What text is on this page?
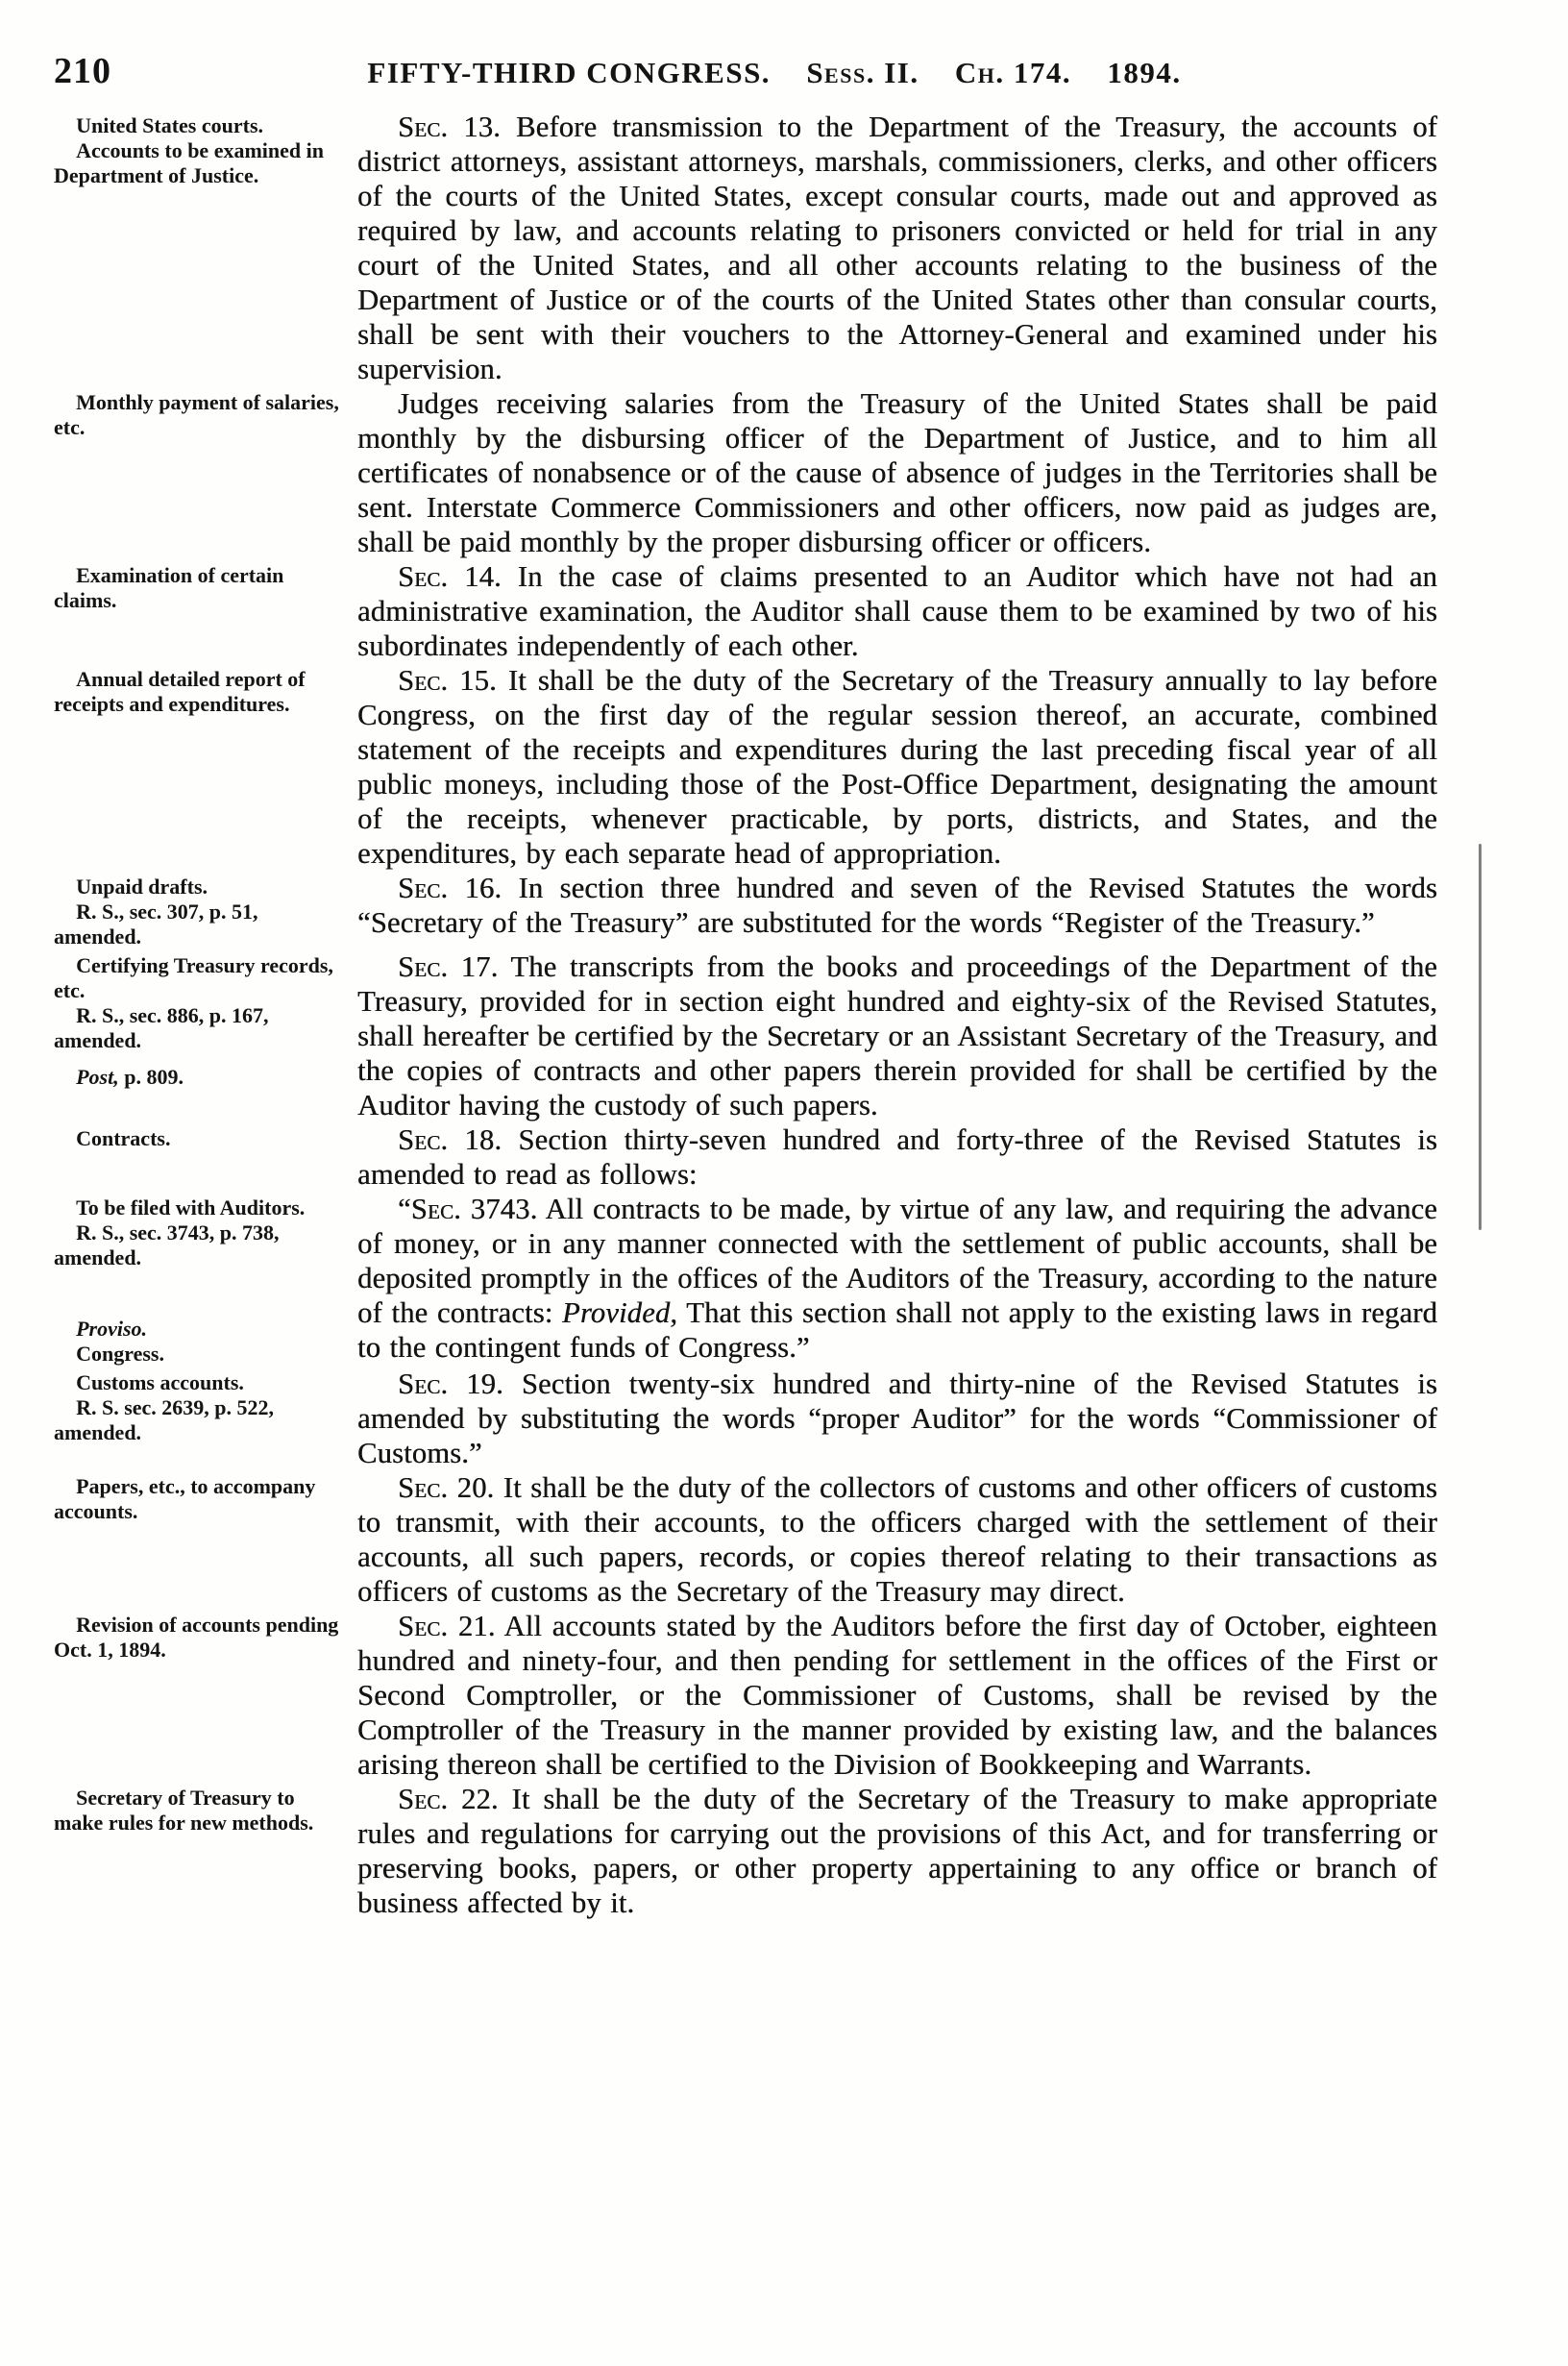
210	FIFTY-THIRD CONGRESS. Sess. II. Ch. 174. 1894.
United States courts.
Accounts to be examined in Department of Justice.

Sec. 13. Before transmission to the Department of the Treasury, the accounts of district attorneys, assistant attorneys, marshals, commissioners, clerks, and other officers of the courts of the United States, except consular courts, made out and approved as required by law, and accounts relating to prisoners convicted or held for trial in any court of the United States, and all other accounts relating to the business of the Department of Justice or of the courts of the United States other than consular courts, shall be sent with their vouchers to the Attorney-General and examined under his supervision.

Monthly payment of salaries, etc.

Judges receiving salaries from the Treasury of the United States shall be paid monthly by the disbursing officer of the Department of Justice, and to him all certificates of nonabsence or of the cause of absence of judges in the Territories shall be sent. Interstate Commerce Commissioners and other officers, now paid as judges are, shall be paid monthly by the proper disbursing officer or officers.

Examination of certain claims.

Sec. 14. In the case of claims presented to an Auditor which have not had an administrative examination, the Auditor shall cause them to be examined by two of his subordinates independently of each other.

Annual detailed report of receipts and expenditures.

Sec. 15. It shall be the duty of the Secretary of the Treasury annually to lay before Congress, on the first day of the regular session thereof, an accurate, combined statement of the receipts and expenditures during the last preceding fiscal year of all public moneys, including those of the Post-Office Department, designating the amount of the receipts, whenever practicable, by ports, districts, and States, and the expenditures, by each separate head of appropriation.

Unpaid drafts.
R. S., sec. 307, p. 51, amended.

Sec. 16. In section three hundred and seven of the Revised Statutes the words “Secretary of the Treasury” are substituted for the words “Register of the Treasury.”

Certifying Treasury records, etc.
R. S., sec. 886, p. 167, amended.
Post, p. 809.

Sec. 17. The transcripts from the books and proceedings of the Department of the Treasury, provided for in section eight hundred and eighty-six of the Revised Statutes, shall hereafter be certified by the Secretary or an Assistant Secretary of the Treasury, and the copies of contracts and other papers therein provided for shall be certified by the Auditor having the custody of such papers.

Contracts.	Sec. 18. Section thirty-seven hundred and forty-three of the Revised Statutes is amended to read as follows:

To be filed with Auditors.
R. S., sec. 3743, p. 738, amended.
Proviso.
Congress.

“Sec. 3743. All contracts to be made, by virtue of any law, and requiring the advance of money, or in any manner connected with the settlement of public accounts, shall be deposited promptly in the offices of the Auditors of the Treasury, according to the nature of the contracts: Provided, That this section shall not apply to the existing laws in regard to the contingent funds of Congress.”

Customs accounts.
R. S. sec. 2639, p. 522, amended.

Sec. 19. Section twenty-six hundred and thirty-nine of the Revised Statutes is amended by substituting the words “proper Auditor” for the words “Commissioner of Customs.”

Papers, etc., to accompany accounts.

Sec. 20. It shall be the duty of the collectors of customs and other officers of customs to transmit, with their accounts, to the officers charged with the settlement of their accounts, all such papers, records, or copies thereof relating to their transactions as officers of customs as the Secretary of the Treasury may direct.

Revision of accounts pending Oct. 1, 1894.

Sec. 21. All accounts stated by the Auditors before the first day of October, eighteen hundred and ninety-four, and then pending for settlement in the offices of the First or Second Comptroller, or the Commissioner of Customs, shall be revised by the Comptroller of the Treasury in the manner provided by existing law, and the balances arising thereon shall be certified to the Division of Bookkeeping and Warrants.

Secretary of Treasury to make rules for new methods.

Sec. 22. It shall be the duty of the Secretary of the Treasury to make appropriate rules and regulations for carrying out the provisions of this Act, and for transferring or preserving books, papers, or other property appertaining to any office or branch of business affected by it.
